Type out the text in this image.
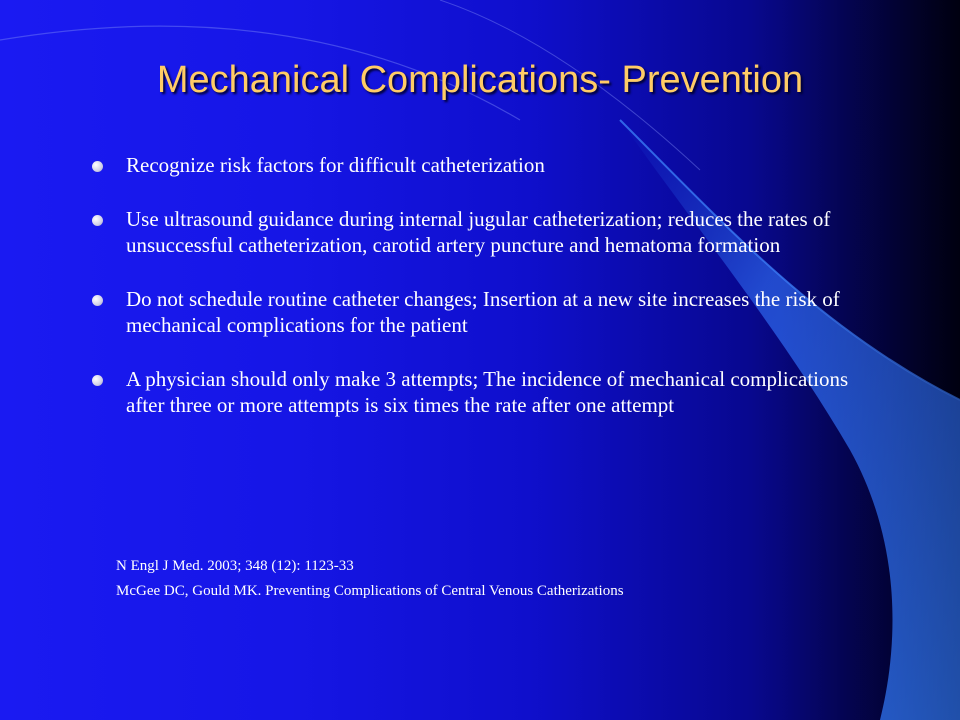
Mechanical Complications- Prevention
Recognize risk factors for difficult catheterization
Use ultrasound guidance during internal jugular catheterization; reduces the rates of unsuccessful catheterization, carotid artery puncture and hematoma formation
Do not schedule routine catheter changes; Insertion at a new site increases the risk of mechanical complications for the patient
A physician should only make 3 attempts; The incidence of mechanical complications after three or more attempts is six times the rate after one attempt
N Engl J Med. 2003; 348 (12): 1123-33
McGee DC, Gould MK. Preventing Complications of Central Venous Catherizations
